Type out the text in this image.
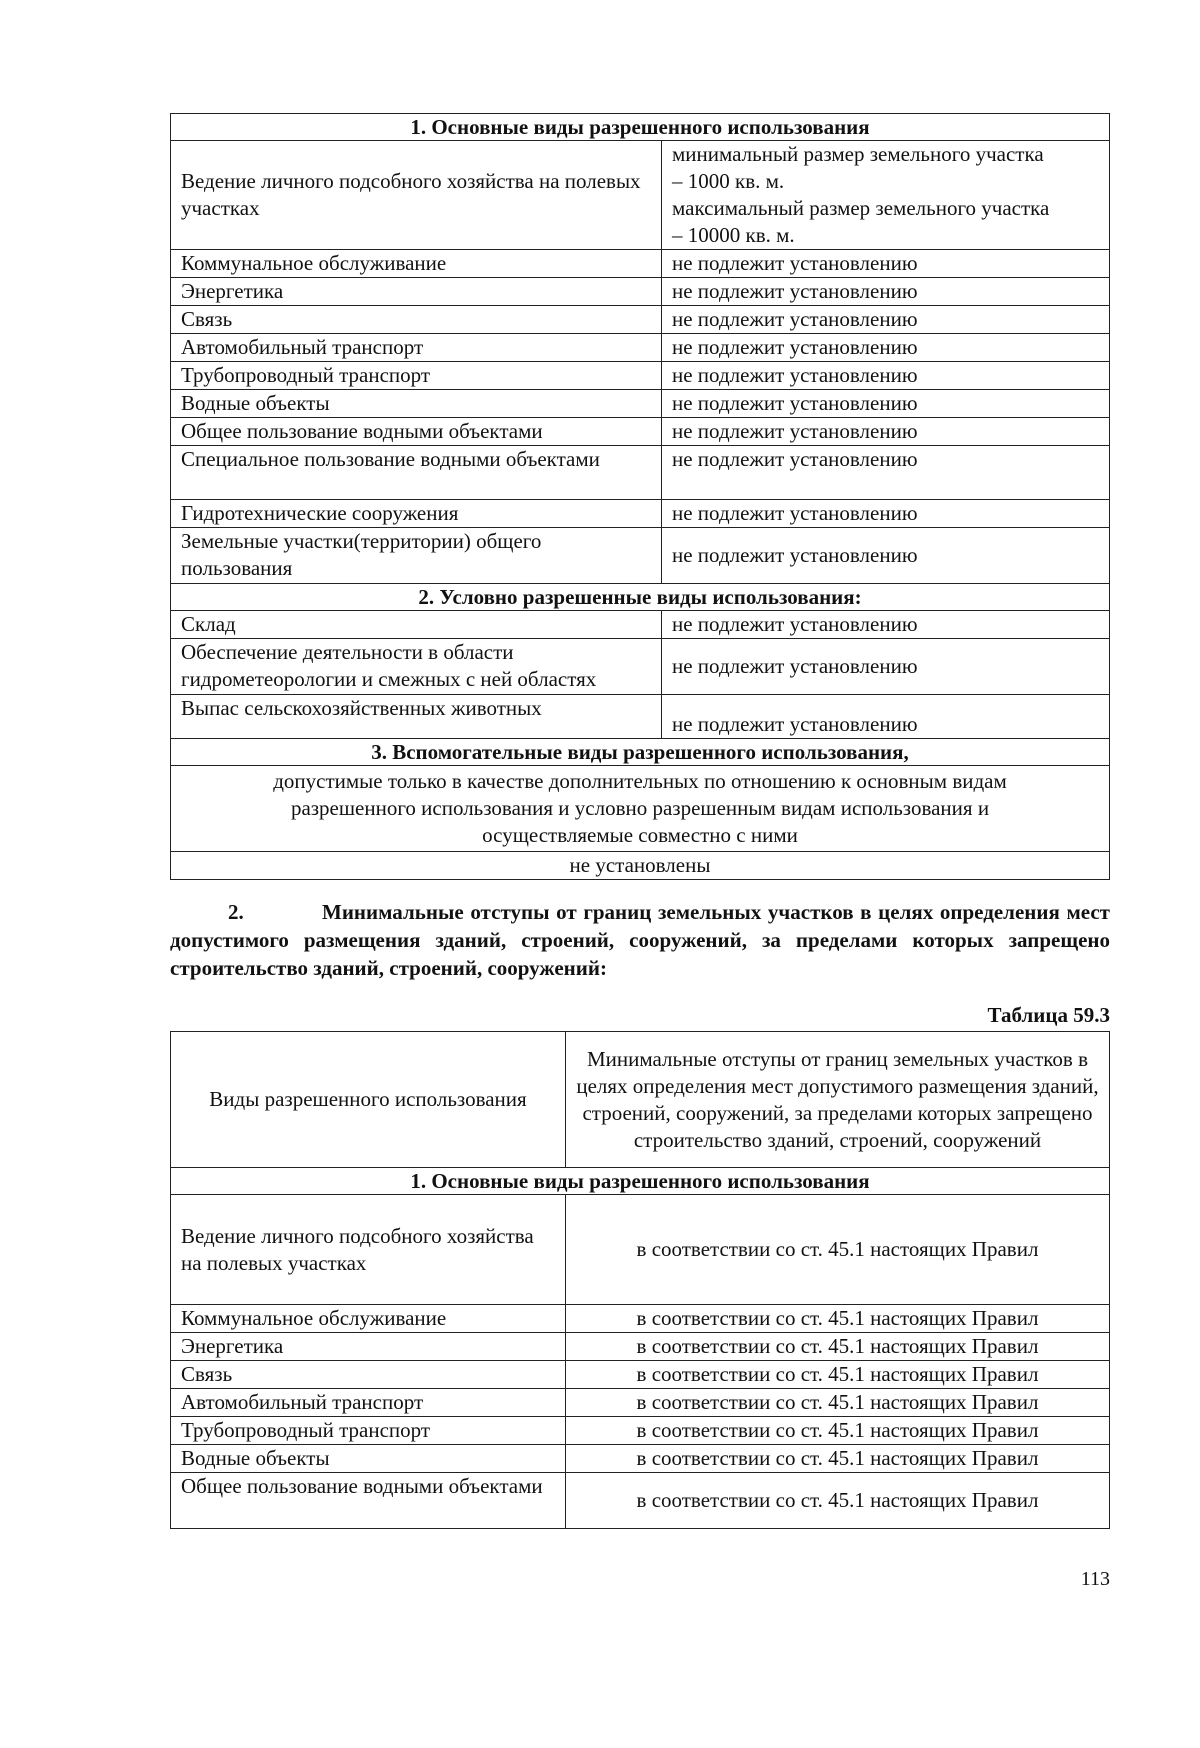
1. Основные виды разрешенного использования	
Ведение личного подсобного хозяйства на полевых участках	минимальный размер земельного участка
– 1000 кв. м.
максимальный размер земельного участка
– 10000 кв. м.

Коммунальное обслуживание	не подлежит установлению
Энергетика	не подлежит установлению
Связь	не подлежит установлению
Автомобильный транспорт	не подлежит установлению
Трубопроводный транспорт	не подлежит установлению
Водные объекты	не подлежит установлению
Общее пользование водными объектами	не подлежит установлению
Специальное пользование водными объектами	не подлежит установлению
Гидротехнические сооружения	не подлежит установлению
Земельные участки(территории) общего пользования	не подлежит установлению
2. Условно разрешенные виды использования:	
Склад	не подлежит установлению
Обеспечение деятельности в области гидрометеорологии и смежных с ней областях	не подлежит установлению
Выпас сельскохозяйственных животных	не подлежит установлению
3. Вспомогательные виды разрешенного использования,	
допустимые только в качестве дополнительных по отношению к основным видам разрешенного использования и условно разрешенным видам использования и осуществляемые совместно с ними	
не установлены	
2.	Минимальные отступы от границ земельных участков в целях определения мест допустимого размещения зданий, строений, сооружений, за пределами которых запрещено строительство зданий, строений, сооружений:
Таблица 59.3
Виды разрешенного использования	Минимальные отступы от границ земельных участков в целях определения мест допустимого размещения зданий, строений, сооружений, за пределами которых запрещено строительство зданий, строений, сооружений
1. Основные виды разрешенного использования	
Ведение личного подсобного хозяйства на полевых участках	в соответствии со ст. 45.1 настоящих Правил
Коммунальное обслуживание	в соответствии со ст. 45.1 настоящих Правил
Энергетика	в соответствии со ст. 45.1 настоящих Правил
Связь	в соответствии со ст. 45.1 настоящих Правил
Автомобильный транспорт	в соответствии со ст. 45.1 настоящих Правил
Трубопроводный транспорт	в соответствии со ст. 45.1 настоящих Правил
Водные объекты	в соответствии со ст. 45.1 настоящих Правил
Общее пользование водными объектами	в соответствии со ст. 45.1 настоящих Правил
113
